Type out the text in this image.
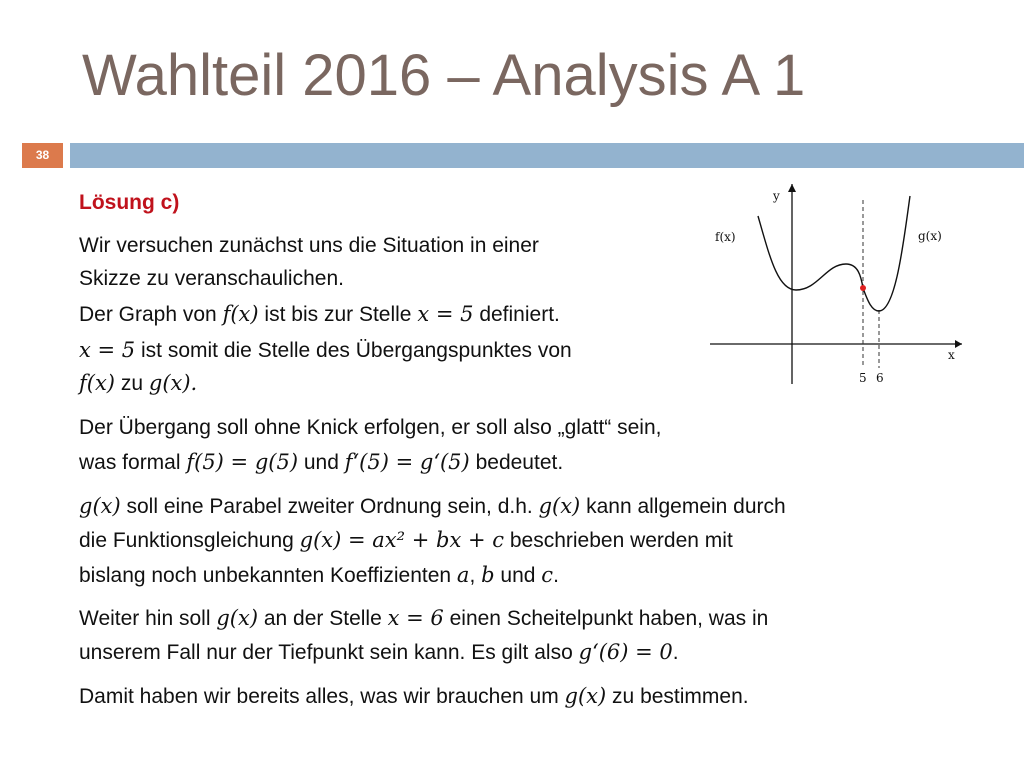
Wahlteil 2016 – Analysis A 1
38
Lösung c)
Wir versuchen zunächst uns die Situation in einer
Skizze zu veranschaulichen.
Der Graph von f(x) ist bis zur Stelle x = 5 definiert.
x = 5 ist somit die Stelle des Übergangspunktes von
f(x) zu g(x).
Der Übergang soll ohne Knick erfolgen, er soll also „glatt“ sein,
was formal f(5) = g(5) und f‘(5) = g‘(5) bedeutet.
g(x) soll eine Parabel zweiter Ordnung sein, d.h. g(x) kann allgemein durch
die Funktionsgleichung g(x) = ax² + bx + c beschrieben werden mit
bislang noch unbekannten Koeffizienten a, b und c.
Weiter hin soll g(x) an der Stelle x = 6 einen Scheitelpunkt haben, was in
unserem Fall nur der Tiefpunkt sein kann. Es gilt also g‘(6) = 0.
Damit haben wir bereits alles, was wir brauchen um g(x) zu bestimmen.
y
x
f(x)	g(x)
5 6
